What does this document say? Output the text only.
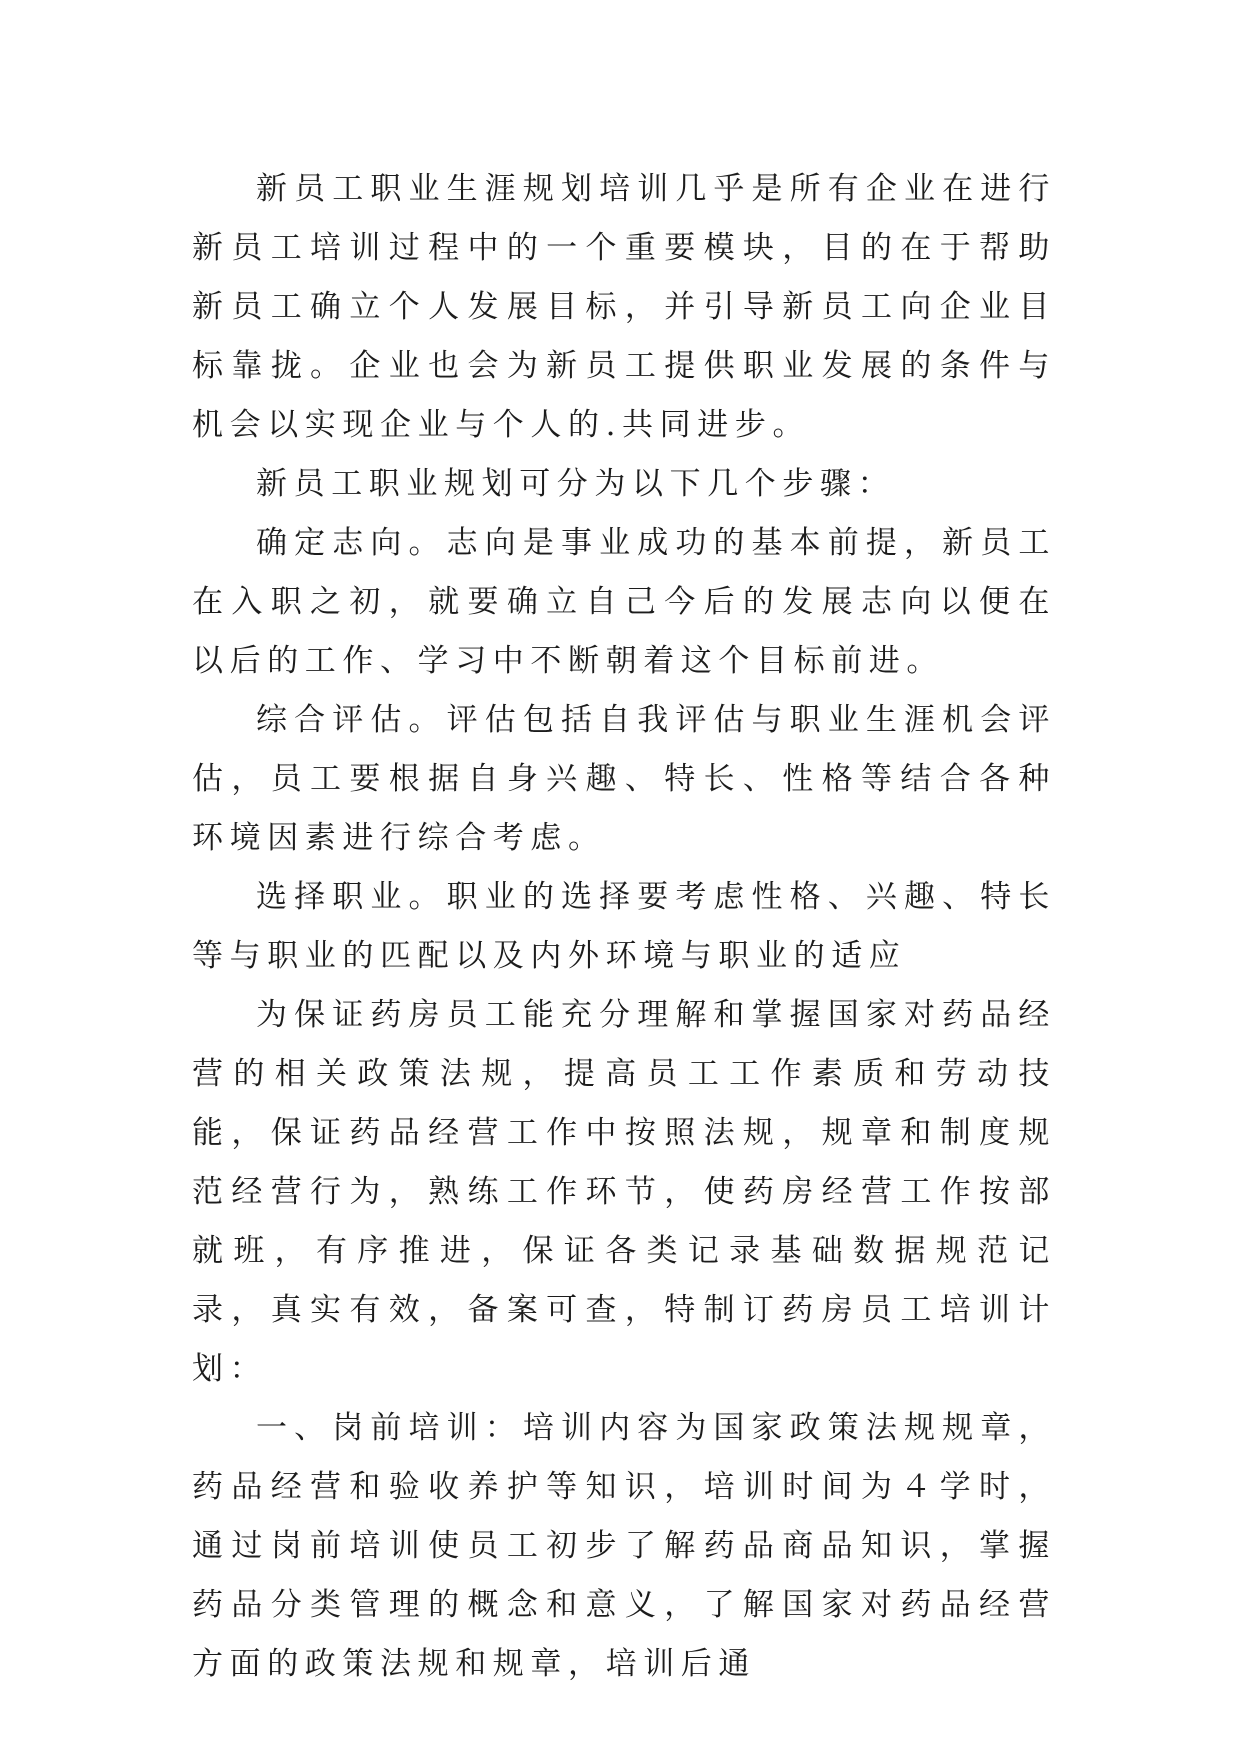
新员工职业生涯规划培训几乎是所有企业在进行新员工培训过程中的一个重要模块，目的在于帮助新员工确立个人发展目标，并引导新员工向企业目标靠拢。企业也会为新员工提供职业发展的条件与机会以实现企业与个人的.共同进步。

新员工职业规划可分为以下几个步骤：

确定志向。志向是事业成功的基本前提，新员工在入职之初，就要确立自己今后的发展志向以便在以后的工作、学习中不断朝着这个目标前进。

综合评估。评估包括自我评估与职业生涯机会评估，员工要根据自身兴趣、特长、性格等结合各种环境因素进行综合考虑。

选择职业。职业的选择要考虑性格、兴趣、特长等与职业的匹配以及内外环境与职业的适应

为保证药房员工能充分理解和掌握国家对药品经营的相关政策法规，提高员工工作素质和劳动技能，保证药品经营工作中按照法规，规章和制度规范经营行为，熟练工作环节，使药房经营工作按部就班，有序推进，保证各类记录基础数据规范记录，真实有效，备案可查，特制订药房员工培训计划：

一、岗前培训：培训内容为国家政策法规规章，药品经营和验收养护等知识，培训时间为４学时，通过岗前培训使员工初步了解药品商品知识，掌握药品分类管理的概念和意义，了解国家对药品经营方面的政策法规和规章，培训后通
